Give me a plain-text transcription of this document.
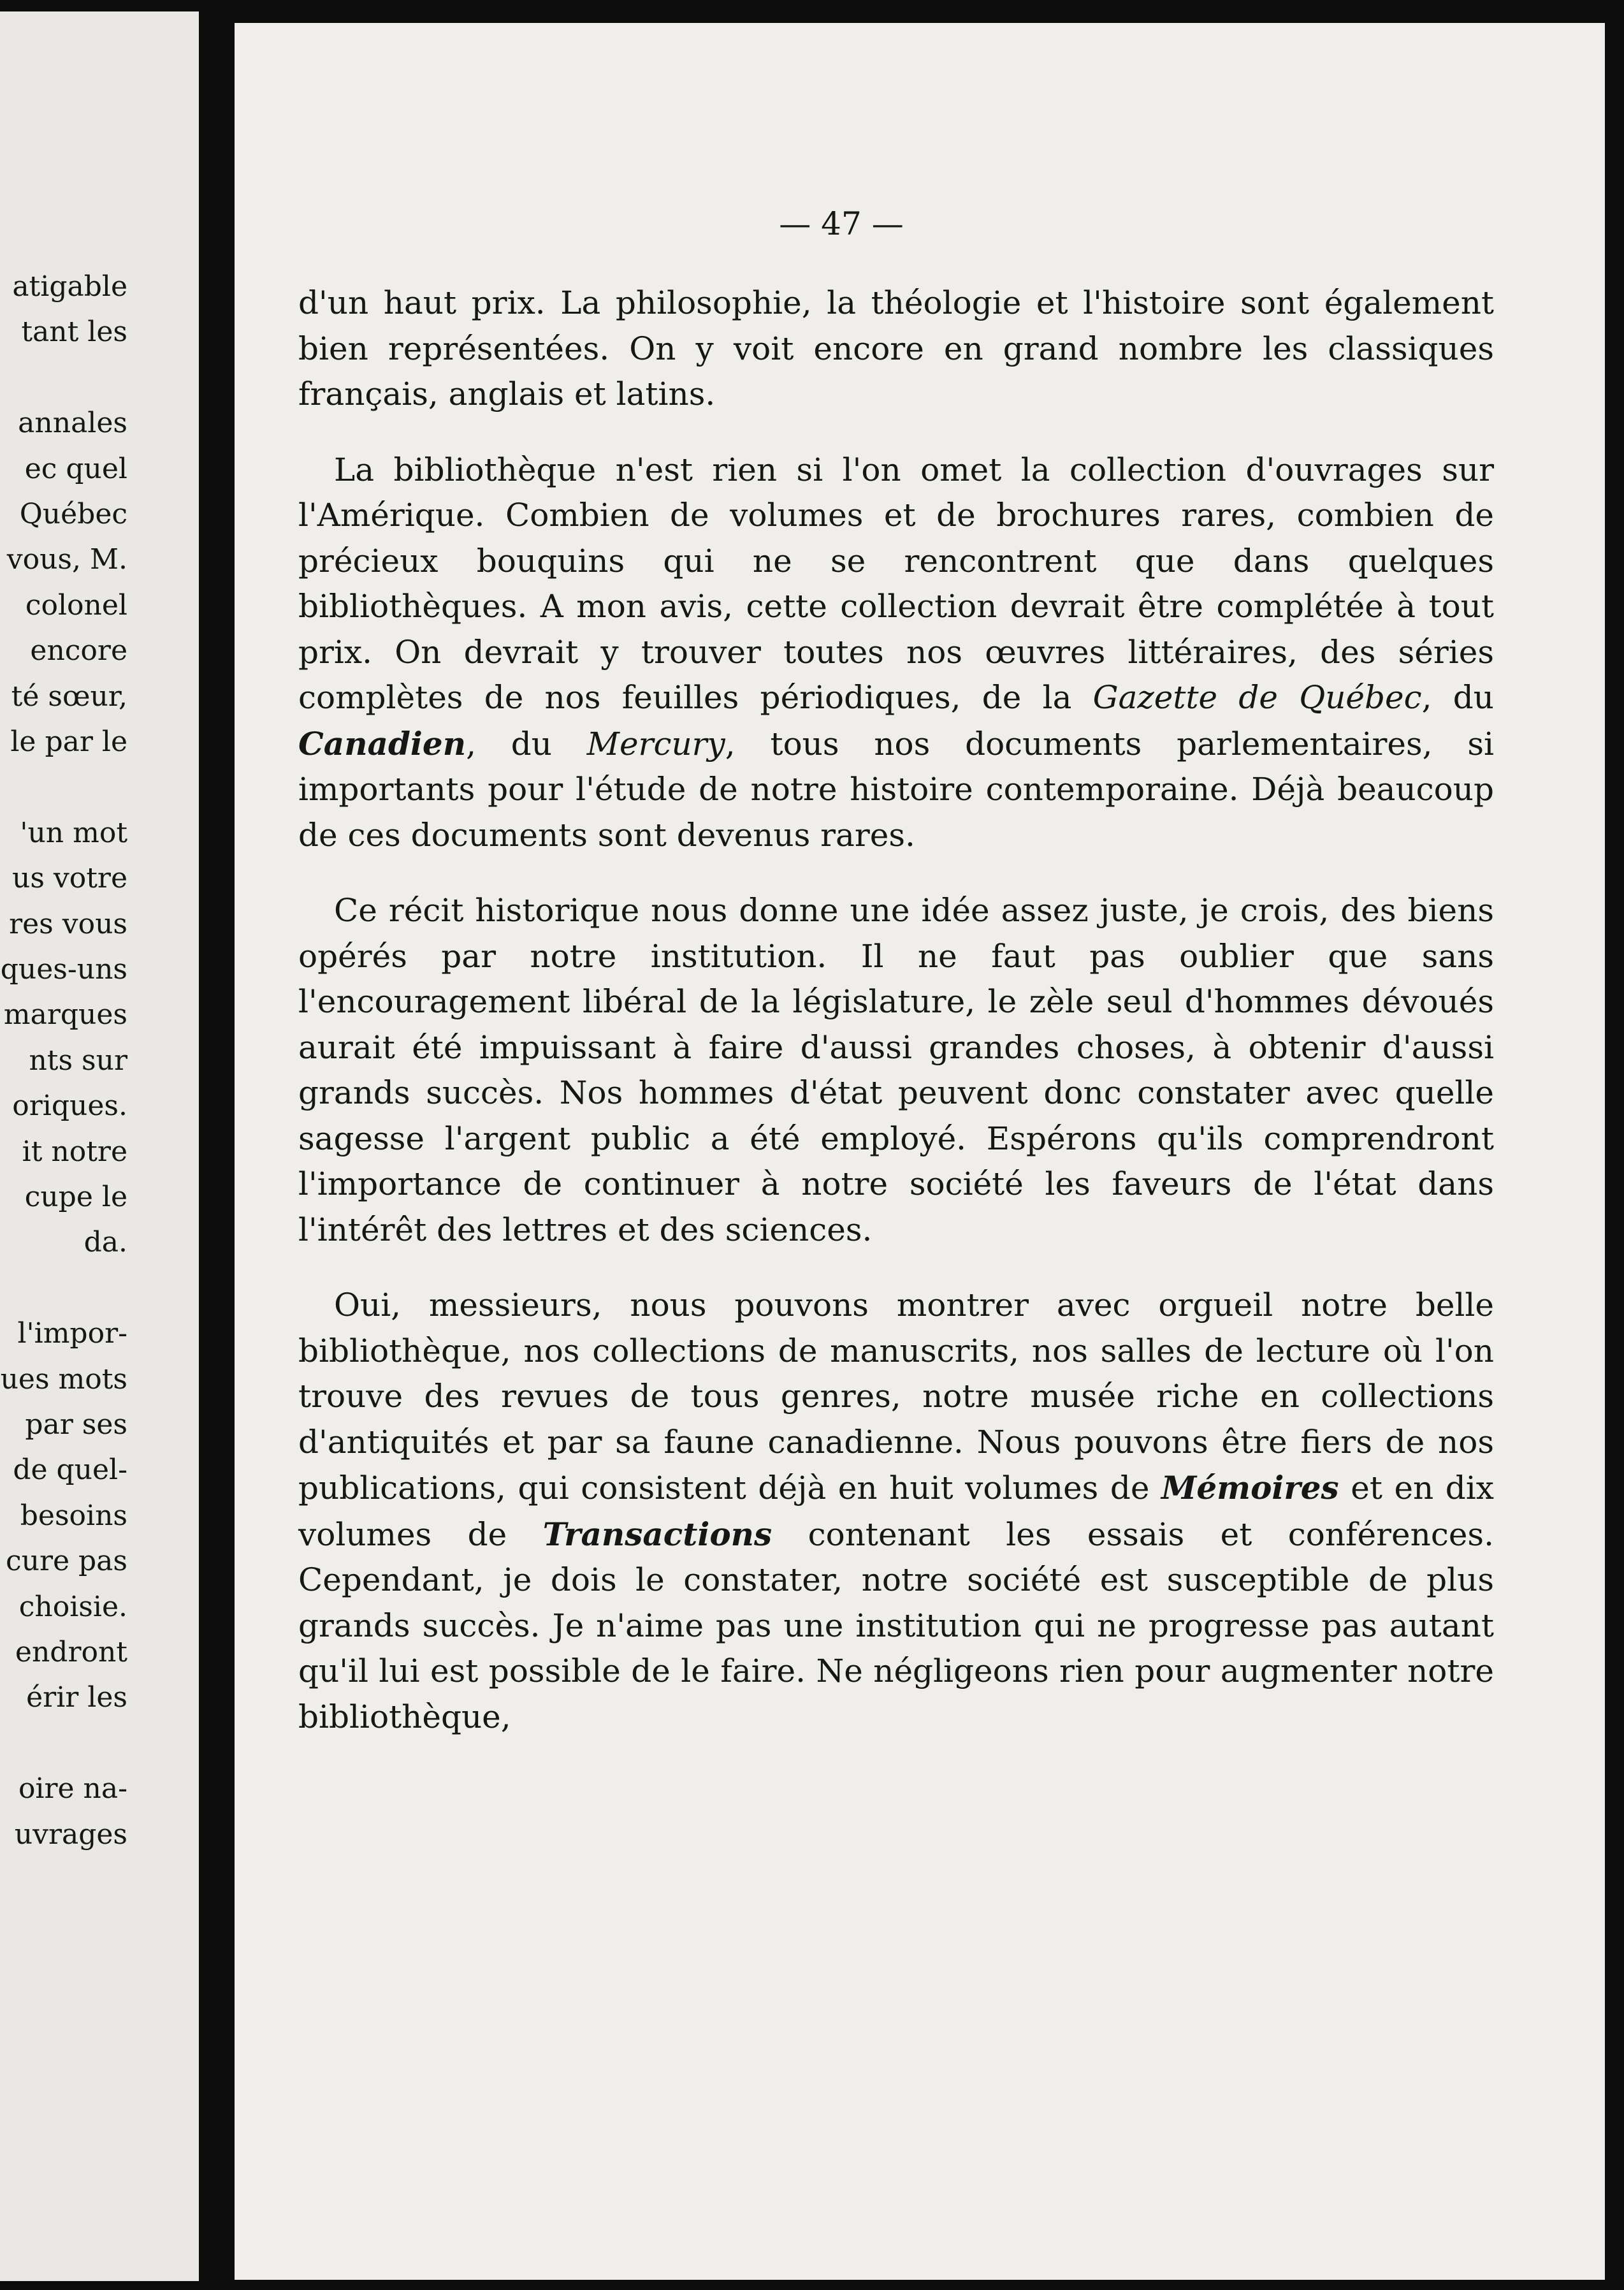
atigable
tant les
annales
ec quel
Québec
vous, M.
colonel
encore
té sœur,
le par le
'un mot
us votre
res vous
ques-uns
marques
nts sur
oriques.
it notre
cupe le
da.
l'impor-
ues mots
par ses
de quel-
besoins
cure pas
choisie.
endront
érir les
oire na-
uvrages
— 47 —

d'un haut prix. La philosophie, la théologie et l'histoire sont également bien représentées. On y voit encore en grand nombre les classiques français, anglais et latins.

La bibliothèque n'est rien si l'on omet la collection d'ouvrages sur l'Amérique. Combien de volumes et de brochures rares, combien de précieux bouquins qui ne se rencontrent que dans quelques bibliothèques. A mon avis, cette collection devrait être complétée à tout prix. On devrait y trouver toutes nos œuvres littéraires, des séries complètes de nos feuilles périodiques, de la Gazette de Québec, du Canadien, du Mercury, tous nos documents parlementaires, si importants pour l'étude de notre histoire contemporaine. Déjà beaucoup de ces documents sont devenus rares.

Ce récit historique nous donne une idée assez juste, je crois, des biens opérés par notre institution. Il ne faut pas oublier que sans l'encouragement libéral de la législature, le zèle seul d'hommes dévoués aurait été impuissant à faire d'aussi grandes choses, à obtenir d'aussi grands succès. Nos hommes d'état peuvent donc constater avec quelle sagesse l'argent public a été employé. Espérons qu'ils comprendront l'importance de continuer à notre société les faveurs de l'état dans l'intérêt des lettres et des sciences.

Oui, messieurs, nous pouvons montrer avec orgueil notre belle bibliothèque, nos collections de manuscrits, nos salles de lecture où l'on trouve des revues de tous genres, notre musée riche en collections d'antiquités et par sa faune canadienne. Nous pouvons être fiers de nos publications, qui consistent déjà en huit volumes de Mémoires et en dix volumes de Transactions contenant les essais et conférences. Cependant, je dois le constater, notre société est susceptible de plus grands succès. Je n'aime pas une institution qui ne progresse pas autant qu'il lui est possible de le faire. Ne négligeons rien pour augmenter notre bibliothèque,
